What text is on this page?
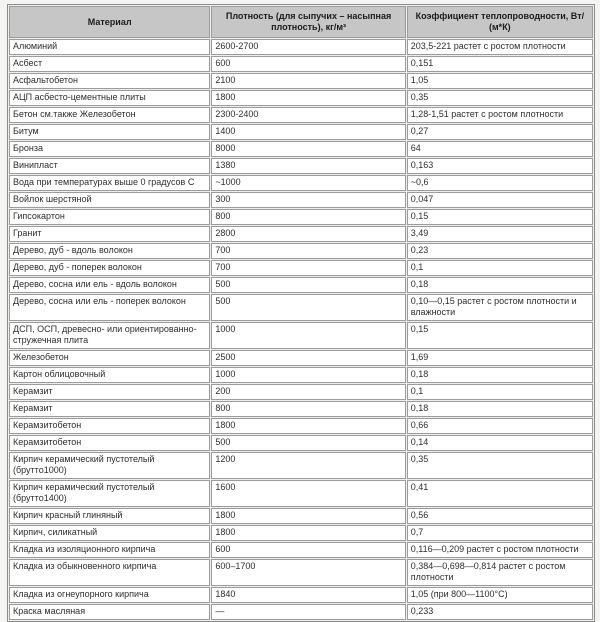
Материал	Плотность (для сыпучих – насыпная плотность), кг/м³	Коэффициент теплопроводности, Вт/ (м*К)
Алюминий	2600-2700	203,5-221 растет с ростом плотности
Асбест	600	0,151
Асфальтобетон	2100	1,05
АЦП асбесто-цементные плиты	1800	0,35
Бетон см.также Железобетон	2300-2400	1,28-1,51 растет с ростом плотности
Битум	1400	0,27
Бронза	8000	64
Винипласт	1380	0,163
Вода при температурах выше 0 градусов С	~1000	~0,6
Войлок шерстяной	300	0,047
Гипсокартон	800	0,15
Гранит	2800	3,49
Дерево, дуб - вдоль волокон	700	0,23
Дерево, дуб - поперек волокон	700	0,1
Дерево, сосна или ель - вдоль волокон	500	0,18
Дерево, сосна или ель - поперек волокон	500	0,10—0,15 растет с ростом плотности и влажности
ДСП, ОСП, древесно- или ориентированно-стружечная плита	1000	0,15
Железобетон	2500	1,69
Картон облицовочный	1000	0,18
Керамзит	200	0,1
Керамзит	800	0,18
Керамзитобетон	1800	0,66
Керамзитобетон	500	0,14
Кирпич керамический пустотелый (брутто1000)	1200	0,35
Кирпич керамический пустотелый (брутто1400)	1600	0,41
Кирпич красный глиняный	1800	0,56
Кирпич, силикатный	1800	0,7
Кладка из изоляционного кирпича	600	0,116—0,209 растет с ростом плотности
Кладка из обыкновенного кирпича	600–1700	0,384—0,698—0,814 растет с ростом плотности
Кладка из огнеупорного кирпича	1840	1,05 (при 800—1100°С)
Краска масляная	—	0,233
